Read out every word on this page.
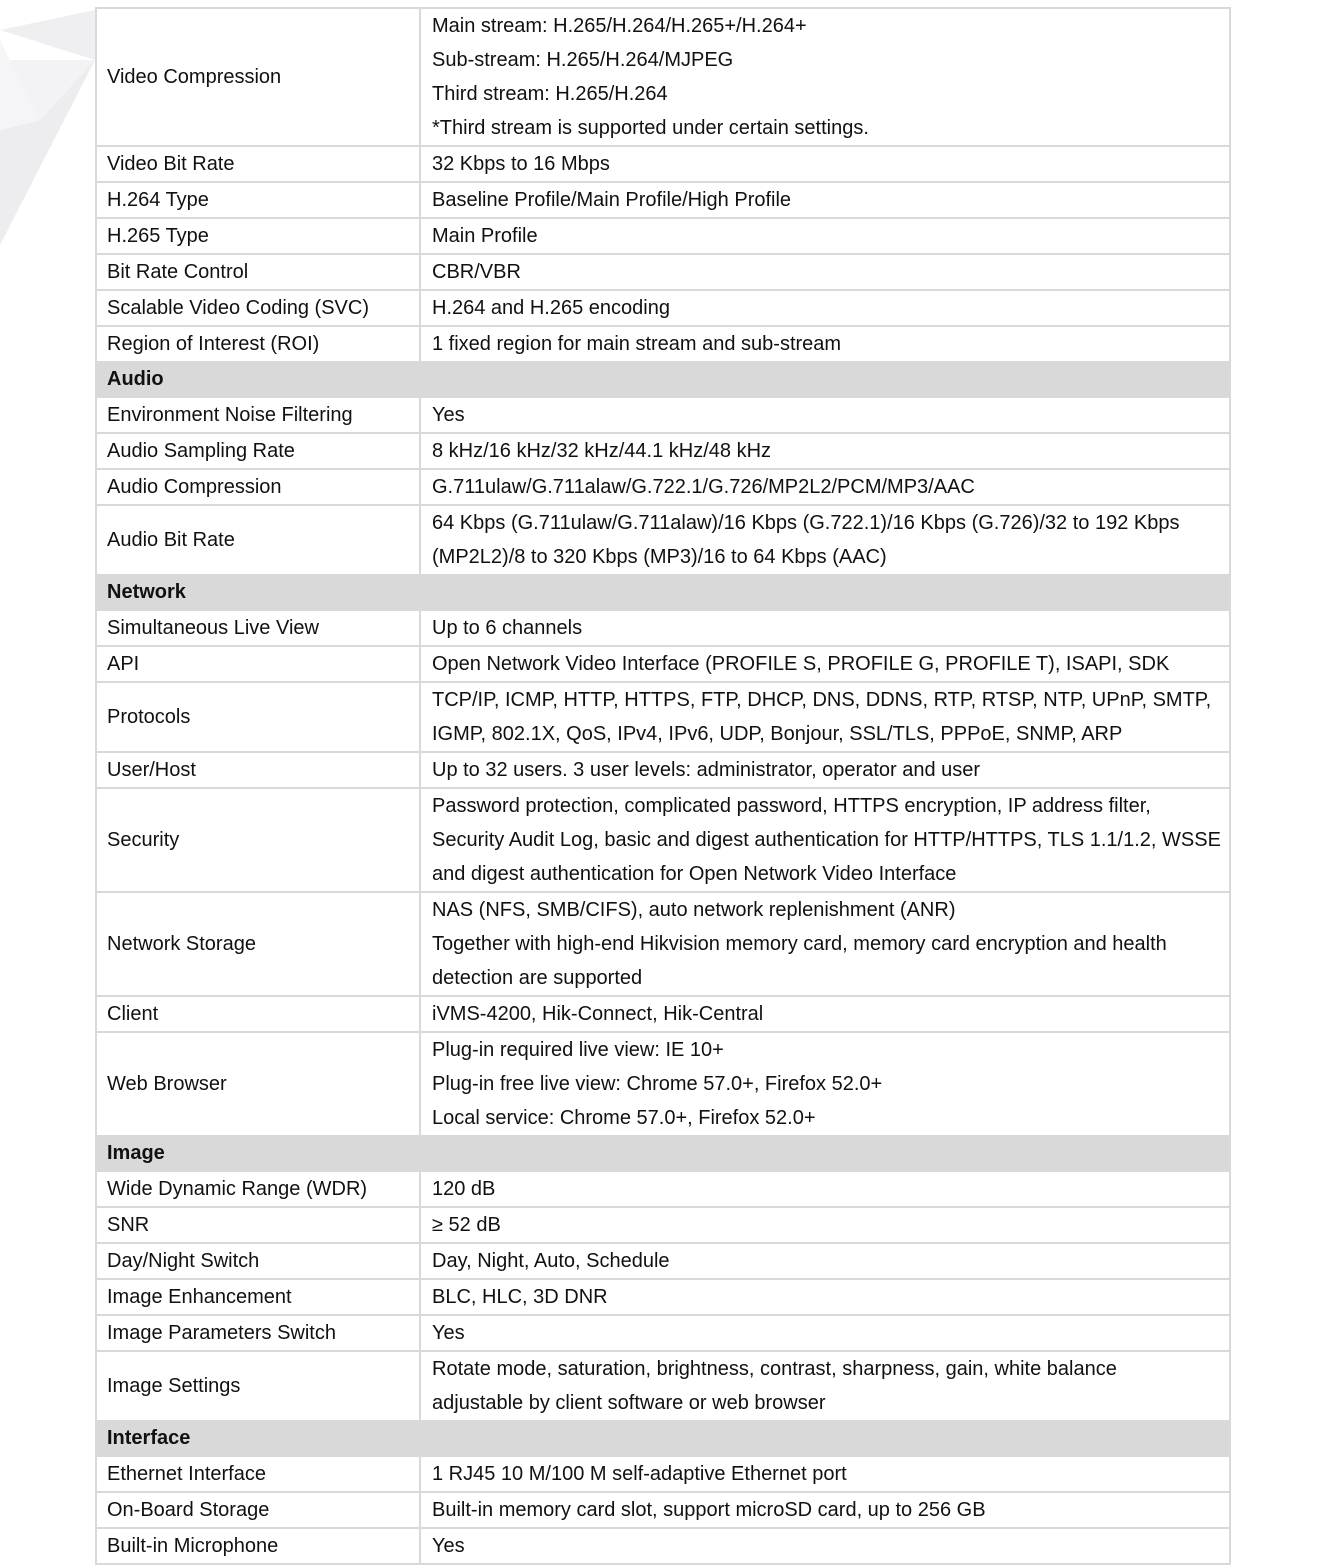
Video Compression	Main stream: H.265/H.264/H.265+/H.264+
Sub-stream: H.265/H.264/MJPEG
Third stream: H.265/H.264
*Third stream is supported under certain settings.

Video Bit Rate	32 Kbps to 16 Mbps

H.264 Type	Baseline Profile/Main Profile/High Profile

H.265 Type	Main Profile

Bit Rate Control	CBR/VBR

Scalable Video Coding (SVC)	H.264 and H.265 encoding

Region of Interest (ROI)	1 fixed region for main stream and sub-stream

Audio	

Environment Noise Filtering	Yes

Audio Sampling Rate	8 kHz/16 kHz/32 kHz/44.1 kHz/48 kHz

Audio Compression	G.711ulaw/G.711alaw/G.722.1/G.726/MP2L2/PCM/MP3/AAC

Audio Bit Rate	64 Kbps (G.711ulaw/G.711alaw)/16 Kbps (G.722.1)/16 Kbps (G.726)/32 to 192 Kbps
(MP2L2)/8 to 320 Kbps (MP3)/16 to 64 Kbps (AAC)

Network	

Simultaneous Live View	Up to 6 channels

API	Open Network Video Interface (PROFILE S, PROFILE G, PROFILE T), ISAPI, SDK

Protocols	TCP/IP, ICMP, HTTP, HTTPS, FTP, DHCP, DNS, DDNS, RTP, RTSP, NTP, UPnP, SMTP,
IGMP, 802.1X, QoS, IPv4, IPv6, UDP, Bonjour, SSL/TLS, PPPoE, SNMP, ARP

User/Host	Up to 32 users. 3 user levels: administrator, operator and user

Security	Password protection, complicated password, HTTPS encryption, IP address filter,
Security Audit Log, basic and digest authentication for HTTP/HTTPS, TLS 1.1/1.2, WSSE
and digest authentication for Open Network Video Interface

Network Storage	NAS (NFS, SMB/CIFS), auto network replenishment (ANR)
Together with high-end Hikvision memory card, memory card encryption and health
detection are supported

Client	iVMS-4200, Hik-Connect, Hik-Central

Web Browser	Plug-in required live view: IE 10+
Plug-in free live view: Chrome 57.0+, Firefox 52.0+
Local service: Chrome 57.0+, Firefox 52.0+

Image	

Wide Dynamic Range (WDR)	120 dB

SNR	≥ 52 dB

Day/Night Switch	Day, Night, Auto, Schedule

Image Enhancement	BLC, HLC, 3D DNR

Image Parameters Switch	Yes

Image Settings	Rotate mode, saturation, brightness, contrast, sharpness, gain, white balance
adjustable by client software or web browser

Interface	

Ethernet Interface	1 RJ45 10 M/100 M self-adaptive Ethernet port

On-Board Storage	Built-in memory card slot, support microSD card, up to 256 GB

Built-in Microphone	Yes
